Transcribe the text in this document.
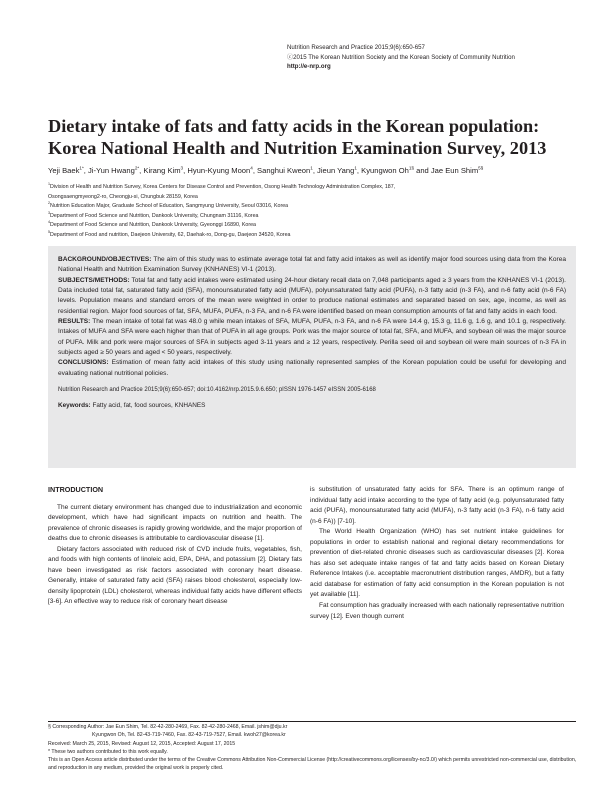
Nutrition Research and Practice 2015;9(6):650-657
ⓒ2015 The Korean Nutrition Society and the Korean Society of Community Nutrition
http://e-nrp.org
Dietary intake of fats and fatty acids in the Korean population: Korea National Health and Nutrition Examination Survey, 2013
Yeji Baek$^{1*}$, Ji-Yun Hwang$^{2*}$, Kirang Kim$^3$, Hyun-Kyung Moon$^4$, Sanghui Kweon$^1$, Jieun Yang$^1$, Kyungwon $Oh^{1\S}$ and Jae Eun Shim$^{5\S}$
$^1$Division of Health and Nutrition Survey, Korea Centers for Disease Control and Prevention, Osong Health Technology Administration Complex, 187,
Osongsaengmyeong2-ro, Cheongju-si, Chungbuk 28159, Korea
$^2$Nutrition Education Major, Graduate School of Education, Sangmyung University, Seoul 03016, Korea
$^3$Department of Food Science and Nutrition, Dankook University, Chungnam 31116, Korea
$^4$Department of Food Science and Nutrition, Dankook University, Gyeonggi 16890, Korea
$^5$Department of Food and nutrition, Daejeon University, 62, Daehak-ro, Dong-gu, Daejeon 34520, Korea

BACKGROUND/OBJECTIVES: The aim of this study was to estimate average total fat and fatty acid intakes as well as identify major food sources using data from the Korea National Health and Nutrition Examination Survey (KNHANES) VI-1 (2013).
SUBJECTS/METHODS: Total fat and fatty acid intakes were estimated using 24-hour dietary recall data on 7,048 participants aged ≥ 3 years from the KNHANES VI-1 (2013). Data included total fat, saturated fatty acid (SFA), monounsaturated fatty acid (MUFA), polyunsaturated fatty acid (PUFA), n-3 fatty acid (n-3 FA), and n-6 fatty acid (n-6 FA) levels. Population means and standard errors of the mean were weighted in order to produce national estimates and separated based on sex, age, income, as well as residential region. Major food sources of fat, SFA, MUFA, PUFA, n-3 FA, and n-6 FA were identified based on mean consumption amounts of fat and fatty acids in each food.
RESULTS: The mean intake of total fat was 48.0 g while mean intakes of SFA, MUFA, PUFA, n-3 FA, and n-6 FA were 14.4 g, 15.3 g, 11.6 g, 1.6 g, and 10.1 g, respectively. Intakes of MUFA and SFA were each higher than that of PUFA in all age groups. Pork was the major source of total fat, SFA, and MUFA, and soybean oil was the major source of PUFA. Milk and pork were major sources of SFA in subjects aged 3-11 years and ≥ 12 years, respectively. Perilla seed oil and soybean oil were main sources of n-3 FA in subjects aged ≥ 50 years and aged < 50 years, respectively.
CONCLUSIONS: Estimation of mean fatty acid intakes of this study using nationally represented samples of the Korean population could be useful for developing and evaluating national nutritional policies.

Nutrition Research and Practice 2015;9(6):650-657; doi:10.4162/nrp.2015.9.6.650; pISSN 1976-1457 eISSN 2005-6168

Keywords: Fatty acid, fat, food sources, KNHANES

INTRODUCTION

The current dietary environment has changed due to industrialization and economic development, which have had significant impacts on nutrition and health. The prevalence of chronic diseases is rapidly growing worldwide, and the major proportion of deaths due to chronic diseases is attributable to cardiovascular disease [1].

Dietary factors associated with reduced risk of CVD include fruits, vegetables, fish, and foods with high contents of linoleic acid, EPA, DHA, and potassium [2]. Dietary fats have been investigated as risk factors associated with coronary heart disease. Generally, intake of saturated fatty acid (SFA) raises blood cholesterol, especially low-density lipoprotein (LDL) cholesterol, whereas individual fatty acids have different effects [3-6]. An effective way to reduce risk of coronary heart disease

is substitution of unsaturated fatty acids for SFA. There is an optimum range of individual fatty acid intake according to the type of fatty acid (e.g. polyunsaturated fatty acid (PUFA), monounsaturated fatty acid (MUFA), n-3 fatty acid (n-3 FA), n-6 fatty acid (n-6 FA)) [7-10].

The World Health Organization (WHO) has set nutrient intake guidelines for populations in order to establish national and regional dietary recommendations for prevention of diet-related chronic diseases such as cardiovascular diseases [2]. Korea has also set adequate intake ranges of fat and fatty acids based on Korean Dietary Reference Intakes (i.e. acceptable macronutrient distribution ranges, AMDR), but a fatty acid database for estimation of fatty acid consumption in the Korean population is not yet available [11].

Fat consumption has gradually increased with each nationally representative nutrition survey [12]. Even though current

§ Corresponding Author: Jae Eun Shim, Tel. 82-42-280-2469, Fax. 82-42-280-2468, Email. jshim@dju.kr
Kyungwon Oh, Tel. 82-43-719-7460, Fax. 82-43-719-7527, Email. kwoh27@korea.kr
Received: March 25, 2015, Revised: August 12, 2015, Accepted: August 17, 2015
* These two authors contributed to this work equally.
This is an Open Access article distributed under the terms of the Creative Commons Attribution Non-Commercial License (http://creativecommons.org/licenses/by-nc/3.0/) which permits unrestricted non-commercial use, distribution, and reproduction in any medium, provided the original work is properly cited.
